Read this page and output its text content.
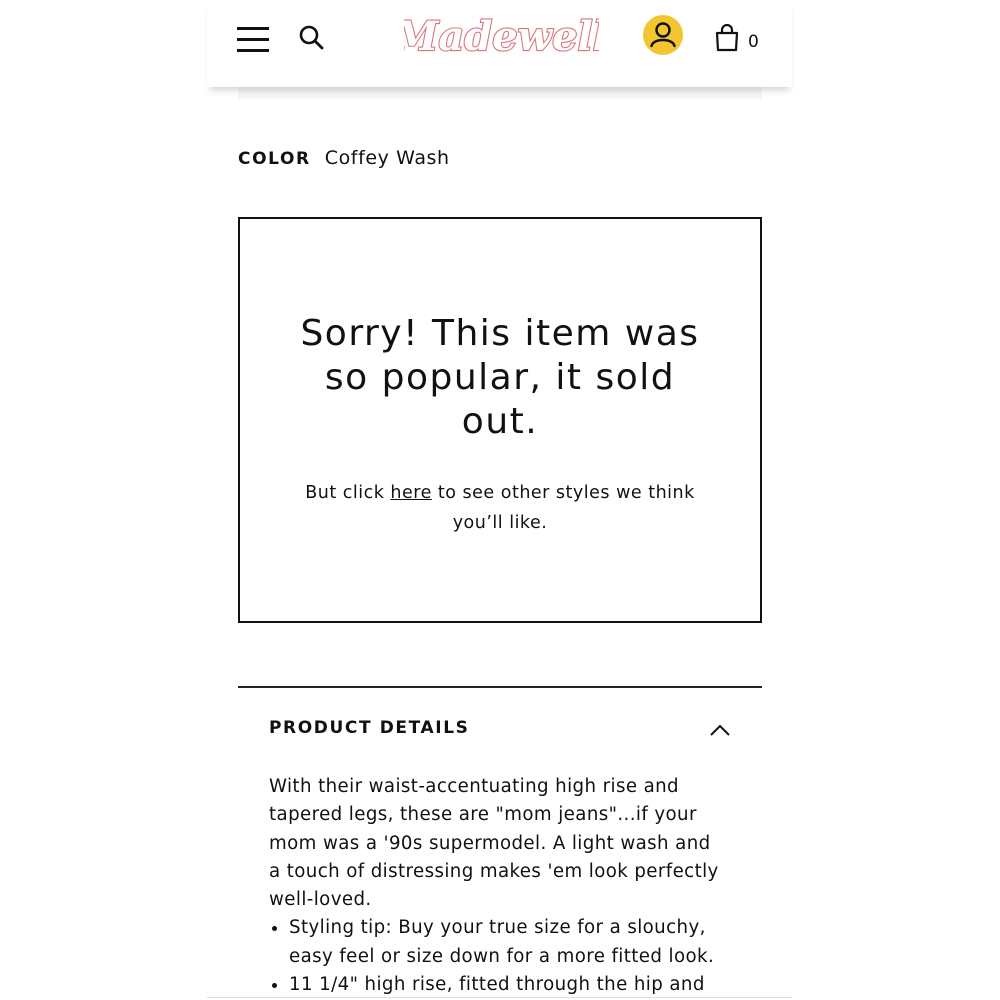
Madewell	0
COLOR Coffey Wash
Sorry! This item was so popular, it sold out.
But click here to see other styles we think you’ll like.
PRODUCT DETAILS

With their waist-accentuating high rise and tapered legs, these are "mom jeans"...if your mom was a '90s supermodel. A light wash and a touch of distressing makes 'em look perfectly well-loved.

• Styling tip: Buy your true size for a slouchy, easy feel or size down for a more fitted look.
• 11 1/4" high rise, fitted through the hip and
